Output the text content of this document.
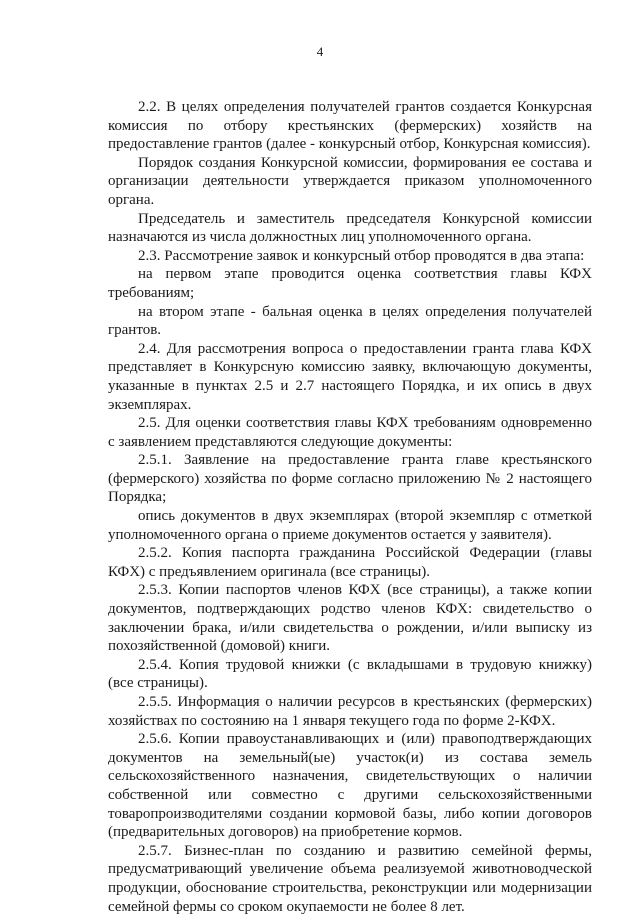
4

2.2. В целях определения получателей грантов создается Конкурсная комиссия по отбору крестьянских (фермерских) хозяйств на предоставление грантов (далее - конкурсный отбор, Конкурсная комиссия).

Порядок создания Конкурсной комиссии, формирования ее состава и организации деятельности утверждается приказом уполномоченного органа.

Председатель и заместитель председателя Конкурсной комиссии назначаются из числа должностных лиц уполномоченного органа.

2.3. Рассмотрение заявок и конкурсный отбор проводятся в два этапа:

на первом этапе проводится оценка соответствия главы КФХ требованиям;

на втором этапе - бальная оценка в целях определения получателей грантов.

2.4. Для рассмотрения вопроса о предоставлении гранта глава КФХ представляет в Конкурсную комиссию заявку, включающую документы, указанные в пунктах 2.5 и 2.7 настоящего Порядка, и их опись в двух экземплярах.

2.5. Для оценки соответствия главы КФХ требованиям одновременно с заявлением представляются следующие документы:

2.5.1. Заявление на предоставление гранта главе крестьянского (фермерского) хозяйства по форме согласно приложению № 2 настоящего Порядка;

опись документов в двух экземплярах (второй экземпляр с отметкой уполномоченного органа о приеме документов остается у заявителя).

2.5.2. Копия паспорта гражданина Российской Федерации (главы КФХ) с предъявлением оригинала (все страницы).

2.5.3. Копии паспортов членов КФХ (все страницы), а также копии документов, подтверждающих родство членов КФХ: свидетельство о заключении брака, и/или свидетельства о рождении, и/или выписку из похозяйственной (домовой) книги.

2.5.4. Копия трудовой книжки (с вкладышами в трудовую книжку) (все страницы).

2.5.5. Информация о наличии ресурсов в крестьянских (фермерских) хозяйствах по состоянию на 1 января текущего года по форме 2-КФХ.

2.5.6. Копии правоустанавливающих и (или) правоподтверждающих документов на земельный(ые) участок(и) из состава земель сельскохозяйственного назначения, свидетельствующих о наличии собственной или совместно с другими сельскохозяйственными товаропроизводителями создании кормовой базы, либо копии договоров (предварительных договоров) на приобретение кормов.

2.5.7. Бизнес-план по созданию и развитию семейной фермы, предусматривающий увеличение объема реализуемой животноводческой продукции, обоснование строительства, реконструкции или модернизации семейной фермы со сроком окупаемости не более 8 лет.
